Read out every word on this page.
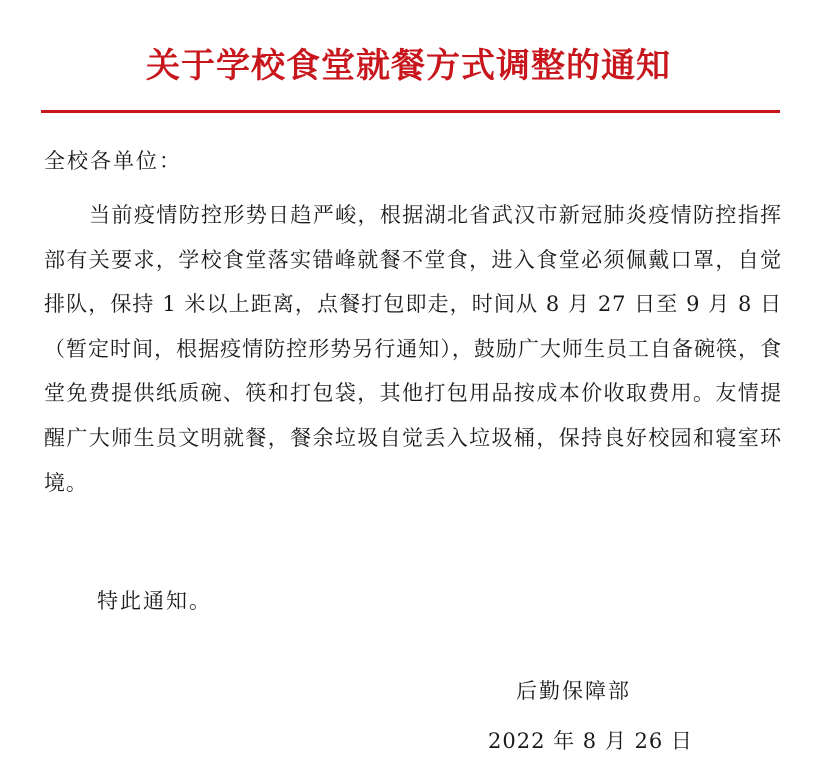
关于学校食堂就餐方式调整的通知
全校各单位：

当前疫情防控形势日趋严峻，根据湖北省武汉市新冠肺炎疫情防控指挥部有关要求，学校食堂落实错峰就餐不堂食，进入食堂必须佩戴口罩，自觉排队，保持 1 米以上距离，点餐打包即走，时间从 8 月 27 日至 9 月 8 日（暂定时间，根据疫情防控形势另行通知），鼓励广大师生员工自备碗筷，食堂免费提供纸质碗、筷和打包袋，其他打包用品按成本价收取费用。友情提醒广大师生员文明就餐，餐余垃圾自觉丢入垃圾桶，保持良好校园和寝室环境。

特此通知。
后勤保障部
2022 年 8 月 26 日
